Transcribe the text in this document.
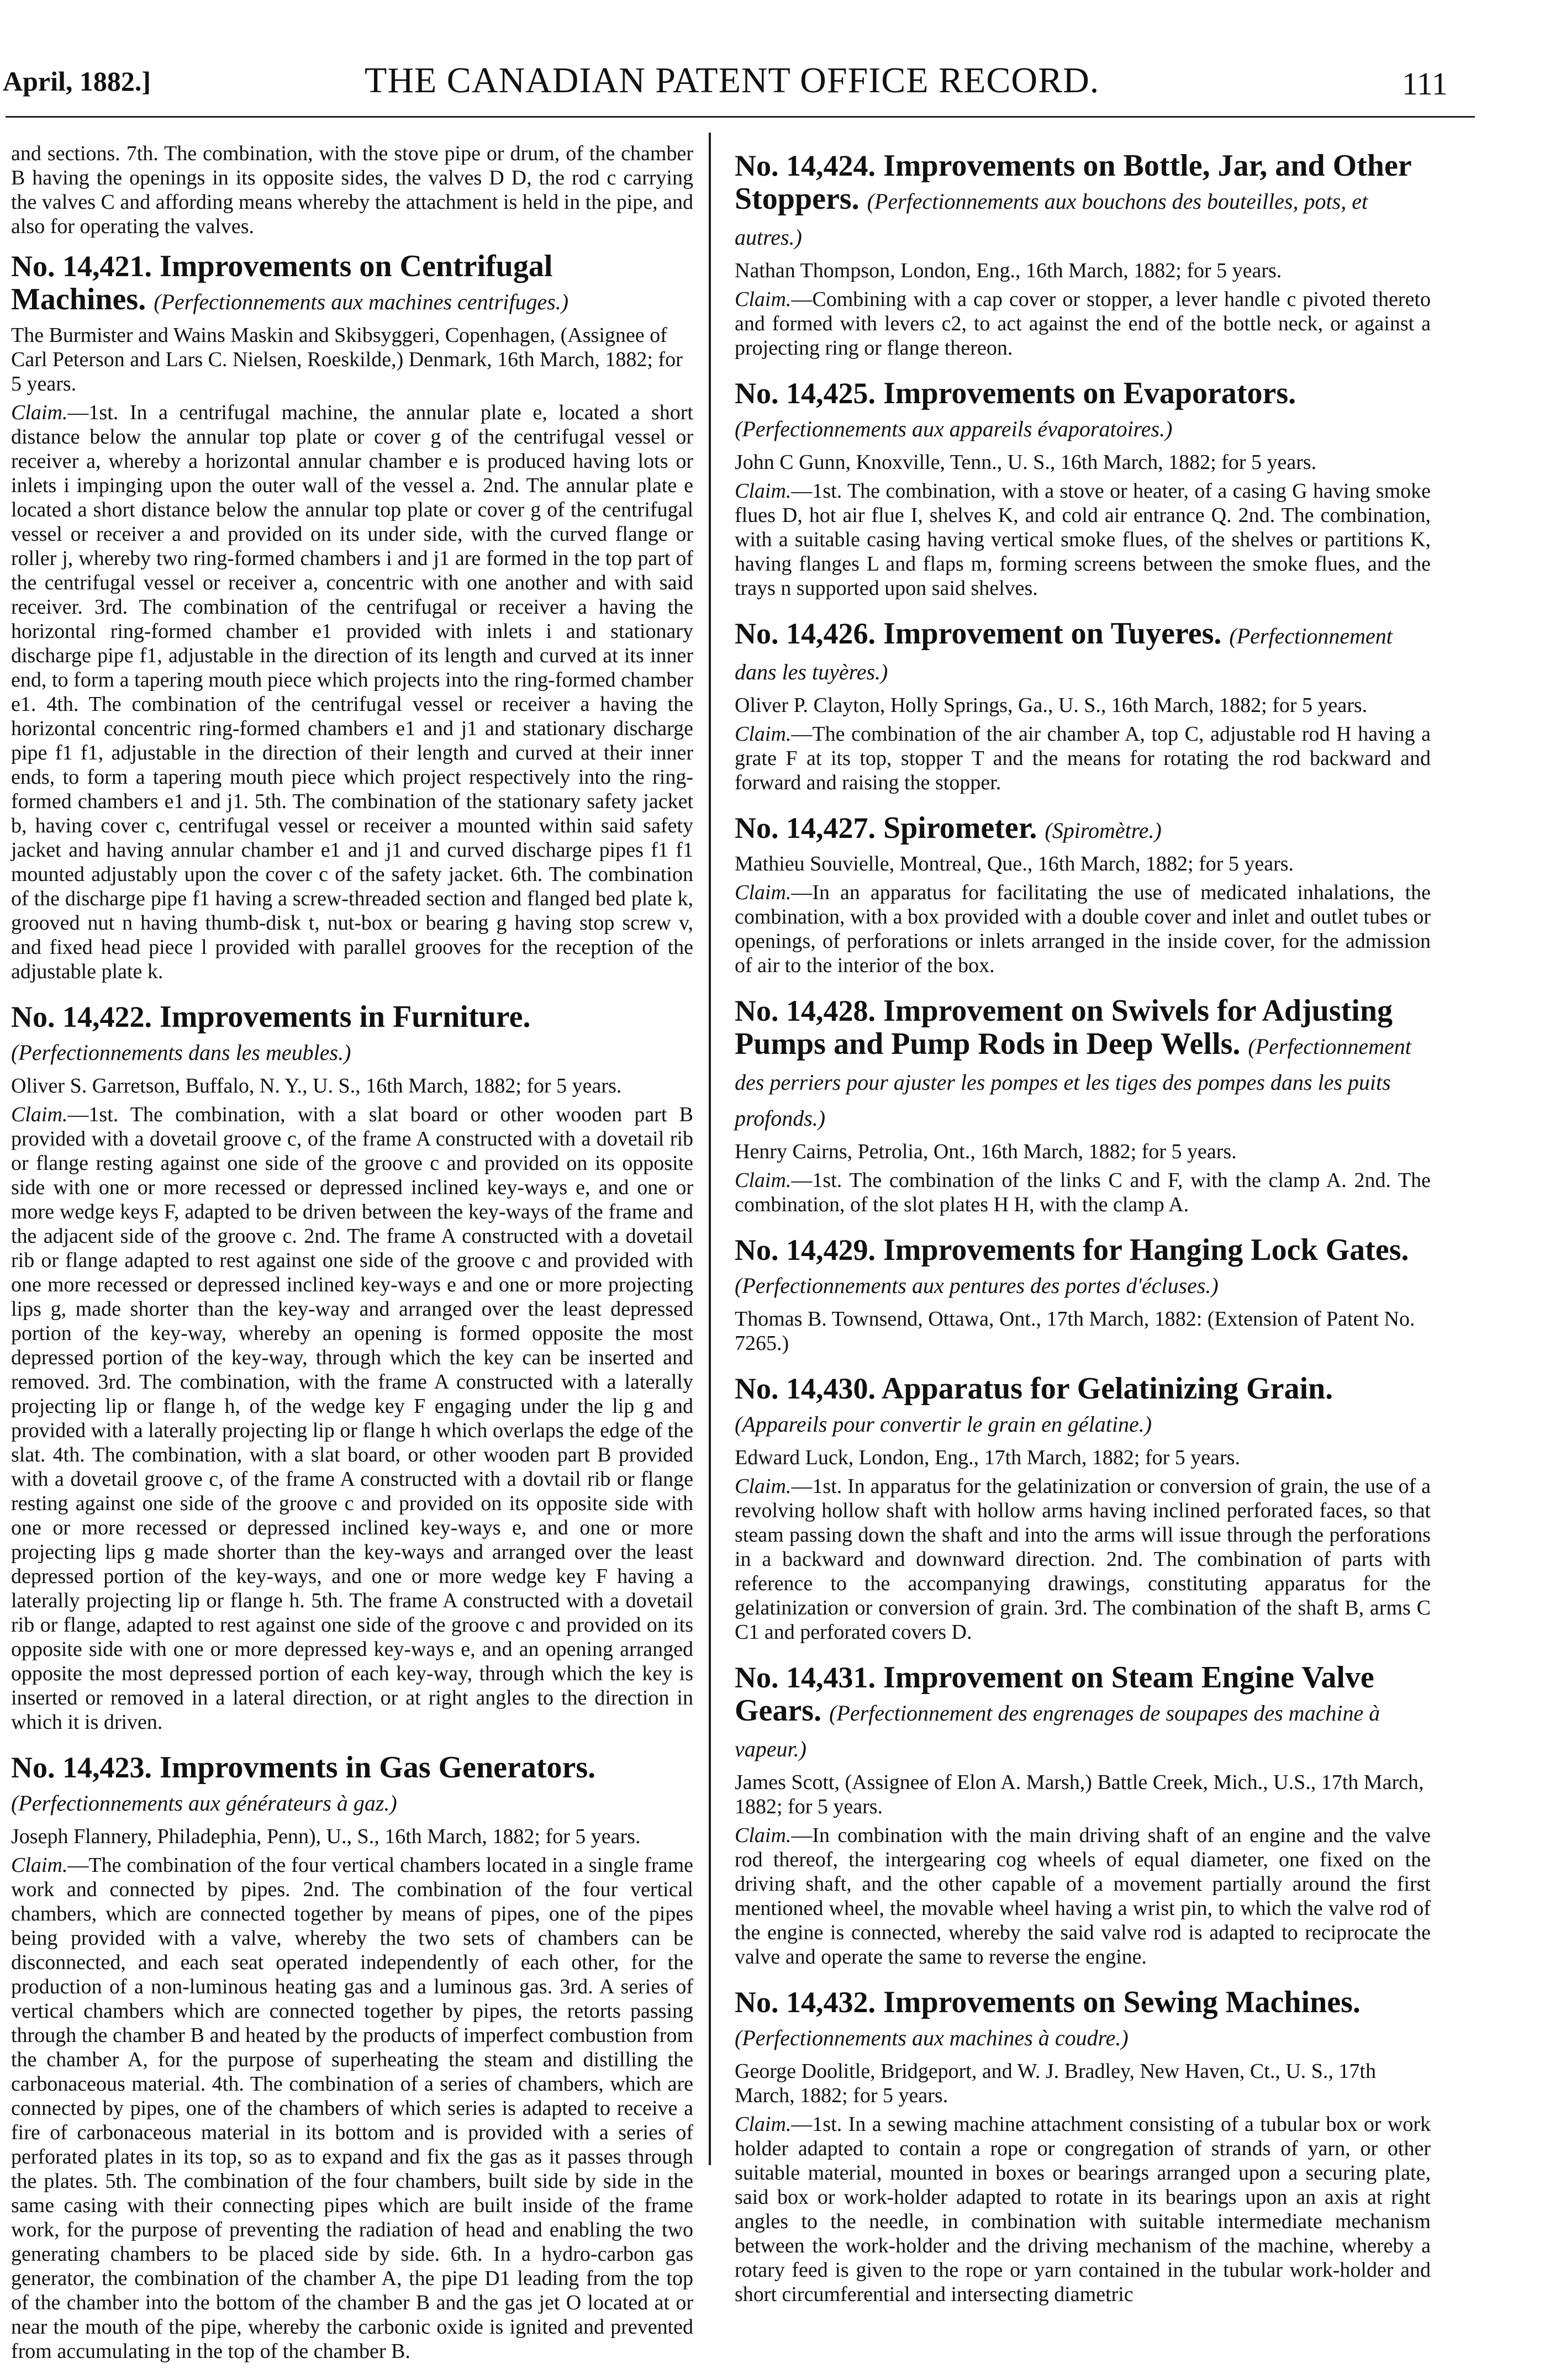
April, 1882.]	THE CANADIAN PATENT OFFICE RECORD.	111
and sections. 7th. The combination, with the stove pipe or drum, of the chamber B having the openings in its opposite sides, the valves D D, the rod c carrying the valves C and affording means whereby the attachment is held in the pipe, and also for operating the valves.
No. 14,421. Improvements on Centrifugal Machines. (Perfectionnements aux machines centrifuges.)
The Burmister and Wains Maskin and Skibsyggeri, Copenhagen, (Assignee of Carl Peterson and Lars C. Nielsen, Roeskilde,) Denmark, 16th March, 1882; for 5 years.
Claim.—1st. In a centrifugal machine, the annular plate e, located a short distance below the annular top plate or cover g of the centrifugal vessel or receiver a, whereby a horizontal annular chamber e is produced having lots or inlets i impinging upon the outer wall of the vessel a. 2nd. The annular plate e located a short distance below the annular top plate or cover g of the centrifugal vessel or receiver a and provided on its under side, with the curved flange or roller j, whereby two ring-formed chambers i and j1 are formed in the top part of the centrifugal vessel or receiver a, concentric with one another and with said receiver. 3rd. The combination of the centrifugal or receiver a having the horizontal ring-formed chamber e1 provided with inlets i and stationary discharge pipe f1, adjustable in the direction of its length and curved at its inner end, to form a tapering mouth piece which projects into the ring-formed chamber e1. 4th. The combination of the centrifugal vessel or receiver a having the horizontal concentric ring-formed chambers e1 and j1 and stationary discharge pipe f1 f1, adjustable in the direction of their length and curved at their inner ends, to form a tapering mouth piece which project respectively into the ring-formed chambers e1 and j1. 5th. The combination of the stationary safety jacket b, having cover c, centrifugal vessel or receiver a mounted within said safety jacket and having annular chamber e1 and j1 and curved discharge pipes f1 f1 mounted adjustably upon the cover c of the safety jacket. 6th. The combination of the discharge pipe f1 having a screw-threaded section and flanged bed plate k, grooved nut n having thumb-disk t, nut-box or bearing g having stop screw v, and fixed head piece l provided with parallel grooves for the reception of the adjustable plate k.
No. 14,422. Improvements in Furniture. (Perfectionnements dans les meubles.)
Oliver S. Garretson, Buffalo, N. Y., U. S., 16th March, 1882; for 5 years.
Claim.—1st. The combination, with a slat board or other wooden part B provided with a dovetail groove c, of the frame A constructed with a dovetail rib or flange resting against one side of the groove c and provided on its opposite side with one or more recessed or depressed inclined key-ways e, and one or more wedge keys F, adapted to be driven between the key-ways of the frame and the adjacent side of the groove c. 2nd. The frame A constructed with a dovetail rib or flange adapted to rest against one side of the groove c and provided with one more recessed or depressed inclined key-ways e and one or more projecting lips g, made shorter than the key-way and arranged over the least depressed portion of the key-way, whereby an opening is formed opposite the most depressed portion of the key-way, through which the key can be inserted and removed. 3rd. The combination, with the frame A constructed with a laterally projecting lip or flange h, of the wedge key F engaging under the lip g and provided with a laterally projecting lip or flange h which overlaps the edge of the slat. 4th. The combination, with a slat board, or other wooden part B provided with a dovetail groove c, of the frame A constructed with a dovtail rib or flange resting against one side of the groove c and provided on its opposite side with one or more recessed or depressed inclined key-ways e, and one or more projecting lips g made shorter than the key-ways and arranged over the least depressed portion of the key-ways, and one or more wedge key F having a laterally projecting lip or flange h. 5th. The frame A constructed with a dovetail rib or flange, adapted to rest against one side of the groove c and provided on its opposite side with one or more depressed key-ways e, and an opening arranged opposite the most depressed portion of each key-way, through which the key is inserted or removed in a lateral direction, or at right angles to the direction in which it is driven.
No. 14,423. Improvments in Gas Generators. (Perfectionnements aux générateurs à gaz.)
Joseph Flannery, Philadephia, Penn), U., S., 16th March, 1882; for 5 years.
Claim.—The combination of the four vertical chambers located in a single frame work and connected by pipes. 2nd. The combination of the four vertical chambers, which are connected together by means of pipes, one of the pipes being provided with a valve, whereby the two sets of chambers can be disconnected, and each seat operated independently of each other, for the production of a non-luminous heating gas and a luminous gas. 3rd. A series of vertical chambers which are connected together by pipes, the retorts passing through the chamber B and heated by the products of imperfect combustion from the chamber A, for the purpose of superheating the steam and distilling the carbonaceous material. 4th. The combination of a series of chambers, which are connected by pipes, one of the chambers of which series is adapted to receive a fire of carbonaceous material in its bottom and is provided with a series of perforated plates in its top, so as to expand and fix the gas as it passes through the plates. 5th. The combination of the four chambers, built side by side in the same casing with their connecting pipes which are built inside of the frame work, for the purpose of preventing the radiation of head and enabling the two generating chambers to be placed side by side. 6th. In a hydro-carbon gas generator, the combination of the chamber A, the pipe D1 leading from the top of the chamber into the bottom of the chamber B and the gas jet O located at or near the mouth of the pipe, whereby the carbonic oxide is ignited and prevented from accumulating in the top of the chamber B.
No. 14,424. Improvements on Bottle, Jar, and Other Stoppers. (Perfectionnements aux bouchons des bouteilles, pots, et autres.)
Nathan Thompson, London, Eng., 16th March, 1882; for 5 years.
Claim.—Combining with a cap cover or stopper, a lever handle c pivoted thereto and formed with levers c2, to act against the end of the bottle neck, or against a projecting ring or flange thereon.
No. 14,425. Improvements on Evaporators. (Perfectionnements aux appareils évaporatoires.)
John C Gunn, Knoxville, Tenn., U. S., 16th March, 1882; for 5 years.
Claim.—1st. The combination, with a stove or heater, of a casing G having smoke flues D, hot air flue I, shelves K, and cold air entrance Q. 2nd. The combination, with a suitable casing having vertical smoke flues, of the shelves or partitions K, having flanges L and flaps m, forming screens between the smoke flues, and the trays n supported upon said shelves.
No. 14,426. Improvement on Tuyeres. (Perfectionnement dans les tuyères.)
Oliver P. Clayton, Holly Springs, Ga., U. S., 16th March, 1882; for 5 years.
Claim.—The combination of the air chamber A, top C, adjustable rod H having a grate F at its top, stopper T and the means for rotating the rod backward and forward and raising the stopper.
No. 14,427. Spirometer. (Spiromètre.)
Mathieu Souvielle, Montreal, Que., 16th March, 1882; for 5 years.
Claim.—In an apparatus for facilitating the use of medicated inhalations, the combination, with a box provided with a double cover and inlet and outlet tubes or openings, of perforations or inlets arranged in the inside cover, for the admission of air to the interior of the box.
No. 14,428. Improvement on Swivels for Adjusting Pumps and Pump Rods in Deep Wells. (Perfectionnement des perriers pour ajuster les pompes et les tiges des pompes dans les puits profonds.)
Henry Cairns, Petrolia, Ont., 16th March, 1882; for 5 years.
Claim.—1st. The combination of the links C and F, with the clamp A. 2nd. The combination, of the slot plates H H, with the clamp A.
No. 14,429. Improvements for Hanging Lock Gates. (Perfectionnements aux pentures des portes d'écluses.)
Thomas B. Townsend, Ottawa, Ont., 17th March, 1882: (Extension of Patent No. 7265.)
No. 14,430. Apparatus for Gelatinizing Grain. (Appareils pour convertir le grain en gélatine.)
Edward Luck, London, Eng., 17th March, 1882; for 5 years.
Claim.—1st. In apparatus for the gelatinization or conversion of grain, the use of a revolving hollow shaft with hollow arms having inclined perforated faces, so that steam passing down the shaft and into the arms will issue through the perforations in a backward and downward direction. 2nd. The combination of parts with reference to the accompanying drawings, constituting apparatus for the gelatinization or conversion of grain. 3rd. The combination of the shaft B, arms C C1 and perforated covers D.
No. 14,431. Improvement on Steam Engine Valve Gears. (Perfectionnement des engrenages de soupapes des machine à vapeur.)
James Scott, (Assignee of Elon A. Marsh,) Battle Creek, Mich., U.S., 17th March, 1882; for 5 years.
Claim.—In combination with the main driving shaft of an engine and the valve rod thereof, the intergearing cog wheels of equal diameter, one fixed on the driving shaft, and the other capable of a movement partially around the first mentioned wheel, the movable wheel having a wrist pin, to which the valve rod of the engine is connected, whereby the said valve rod is adapted to reciprocate the valve and operate the same to reverse the engine.
No. 14,432. Improvements on Sewing Machines. (Perfectionnements aux machines à coudre.)
George Doolitle, Bridgeport, and W. J. Bradley, New Haven, Ct., U. S., 17th March, 1882; for 5 years.
Claim.—1st. In a sewing machine attachment consisting of a tubular box or work holder adapted to contain a rope or congregation of strands of yarn, or other suitable material, mounted in boxes or bearings arranged upon a securing plate, said box or work-holder adapted to rotate in its bearings upon an axis at right angles to the needle, in combination with suitable intermediate mechanism between the work-holder and the driving mechanism of the machine, whereby a rotary feed is given to the rope or yarn contained in the tubular work-holder and short circumferential and intersecting diametric
